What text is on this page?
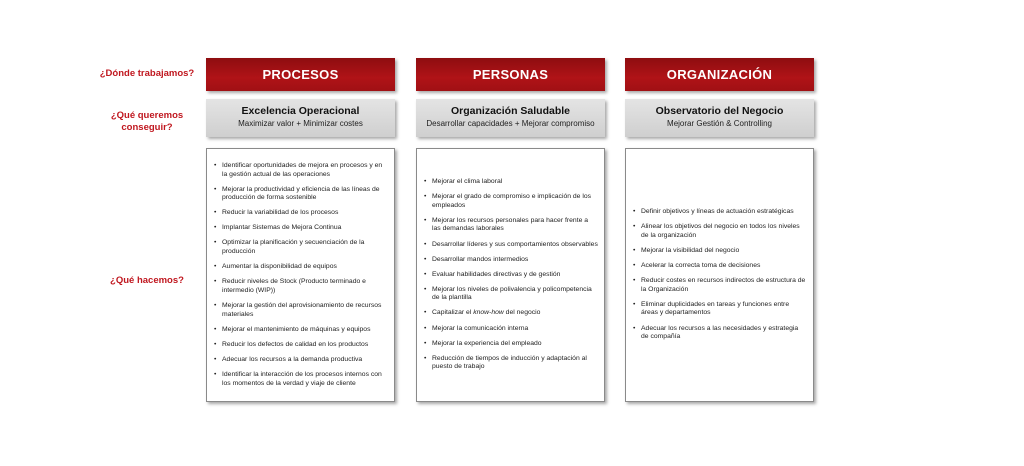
¿Dónde trabajamos?
¿Qué queremos conseguir?
¿Qué hacemos?
PROCESOS
Excelencia Operacional
Maximizar valor + Minimizar costes
• Identificar oportunidades de mejora en procesos y en la gestión actual de las operaciones
• Mejorar la productividad y eficiencia de las líneas de producción de forma sostenible
• Reducir la variabilidad de los procesos
• Implantar Sistemas de Mejora Continua
• Optimizar la planificación y secuenciación de la producción
• Aumentar la disponibilidad de equipos
• Reducir niveles de Stock (Producto terminado e intermedio (WIP))
• Mejorar la gestión del aprovisionamiento de recursos materiales
• Mejorar el mantenimiento de máquinas y equipos
• Reducir los defectos de calidad en los productos
• Adecuar los recursos a la demanda productiva
• Identificar la interacción de los procesos internos con los momentos de la verdad y viaje de cliente
PERSONAS
Organización Saludable
Desarrollar capacidades + Mejorar compromiso
• Mejorar el clima laboral
• Mejorar el grado de compromiso e implicación de los empleados
• Mejorar los recursos personales para hacer frente a las demandas laborales
• Desarrollar líderes y sus comportamientos observables
• Desarrollar mandos intermedios
• Evaluar habilidades directivas y de gestión
• Mejorar los niveles de polivalencia y policompetencia de la plantilla
• Capitalizar el know-how del negocio
• Mejorar la comunicación interna
• Mejorar la experiencia del empleado
• Reducción de tiempos de inducción y adaptación al puesto de trabajo
ORGANIZACIÓN
Observatorio del Negocio
Mejorar Gestión & Controlling
• Definir objetivos y líneas de actuación estratégicas
• Alinear los objetivos del negocio en todos los niveles de la organización
• Mejorar la visibilidad del negocio
• Acelerar la correcta toma de decisiones
• Reducir costes en recursos indirectos de estructura de la Organización
• Eliminar duplicidades en tareas y funciones entre áreas y departamentos
• Adecuar los recursos a las necesidades y estrategia de compañía
